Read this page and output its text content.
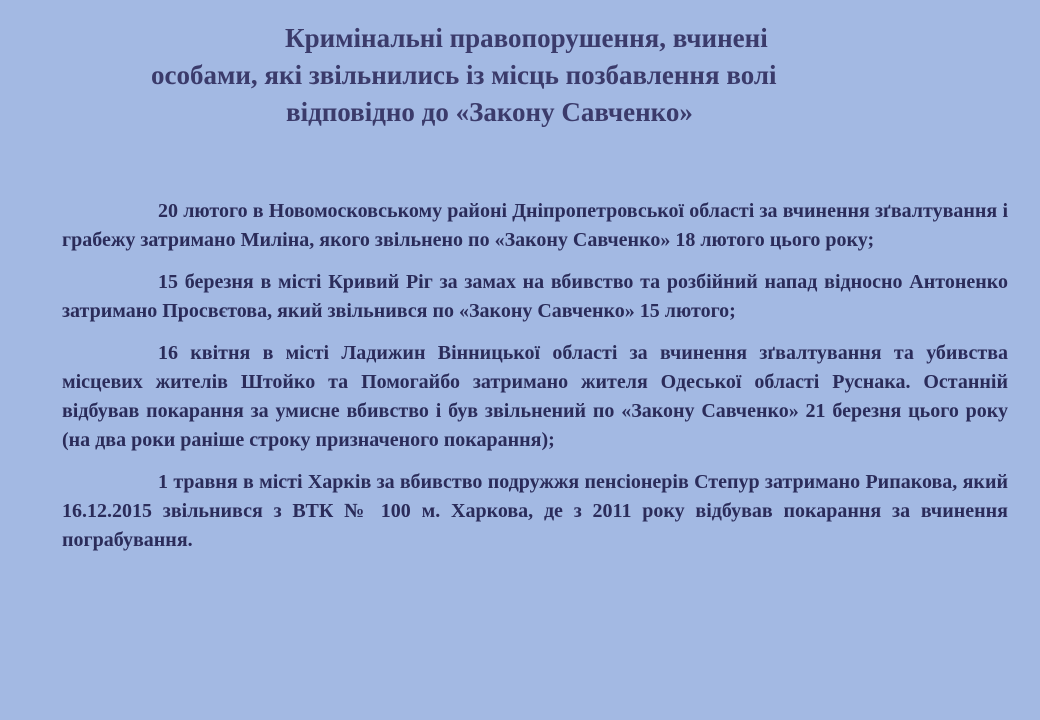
Кримінальні правопорушення, вчинені
особами, які звільнились із місць позбавлення волі
відповідно до «Закону Савченко»

20 лютого в Новомосковському районі Дніпропетровської області за вчинення зґвалтування і грабежу затримано Миліна, якого звільнено по «Закону Савченко» 18 лютого цього року;

15 березня в місті Кривий Ріг за замах на вбивство та розбійний напад відносно Антоненко затримано Просвєтова, який звільнився по «Закону Савченко» 15 лютого;

16 квітня в місті Ладижин Вінницької області за вчинення зґвалтування та убивства місцевих жителів Штойко та Помогайбо затримано жителя Одеської області Руснака. Останній відбував покарання за умисне вбивство і був звільнений по «Закону Савченко» 21 березня цього року (на два роки раніше строку призначеного покарання);

1 травня в місті Харків за вбивство подружжя пенсіонерів Степур затримано Рипакова, який 16.12.2015 звільнився з ВТК № 100 м. Харкова, де з 2011 року відбував покарання за вчинення пограбування.
